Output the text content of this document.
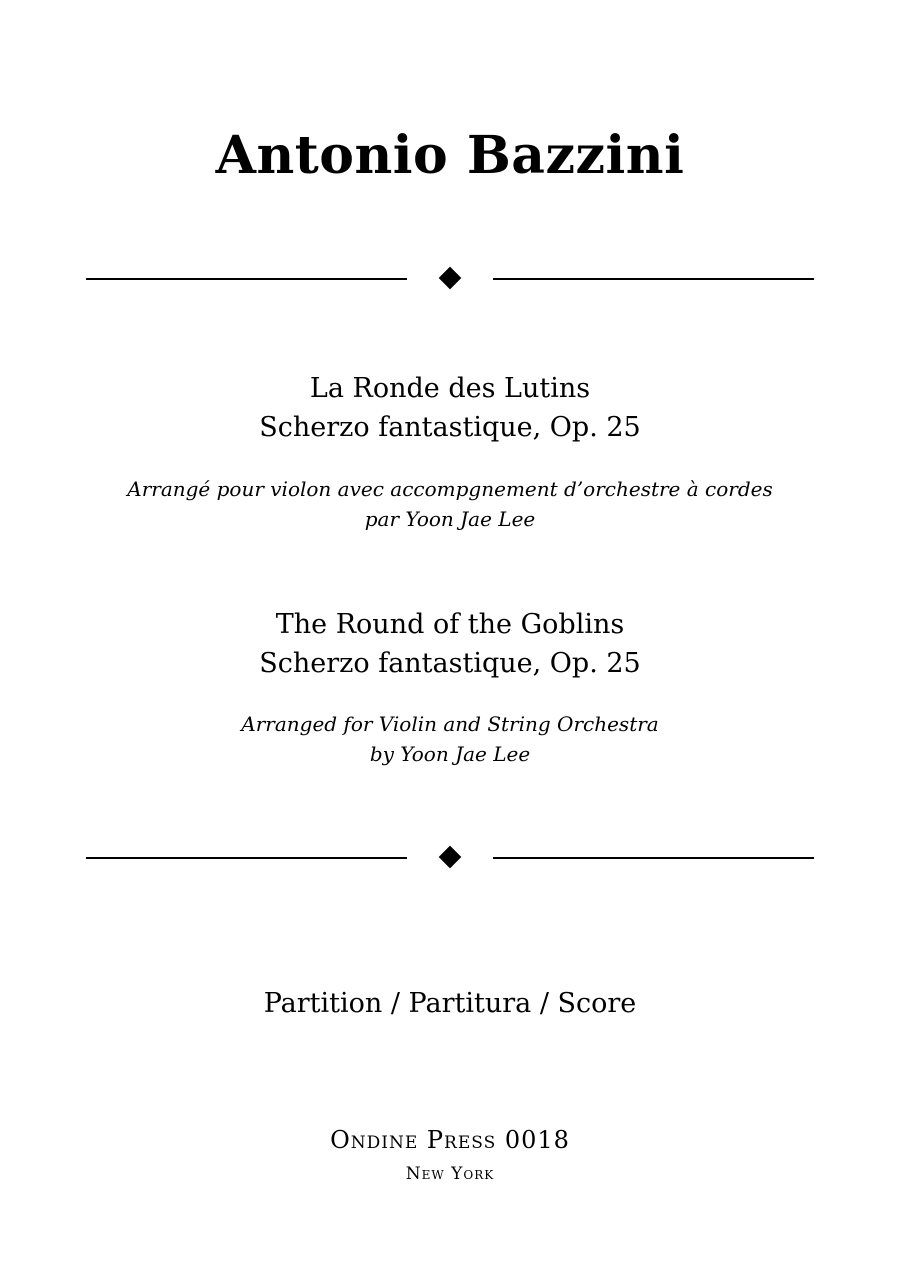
Antonio Bazzini
La Ronde des Lutins
Scherzo fantastique, Op. 25
Arrangé pour violon avec accompgnement d’orchestre à cordes
par Yoon Jae Lee
The Round of the Goblins
Scherzo fantastique, Op. 25
Arranged for Violin and String Orchestra
by Yoon Jae Lee
Partition / Partitura / Score
Ondine Press 0018
New York
